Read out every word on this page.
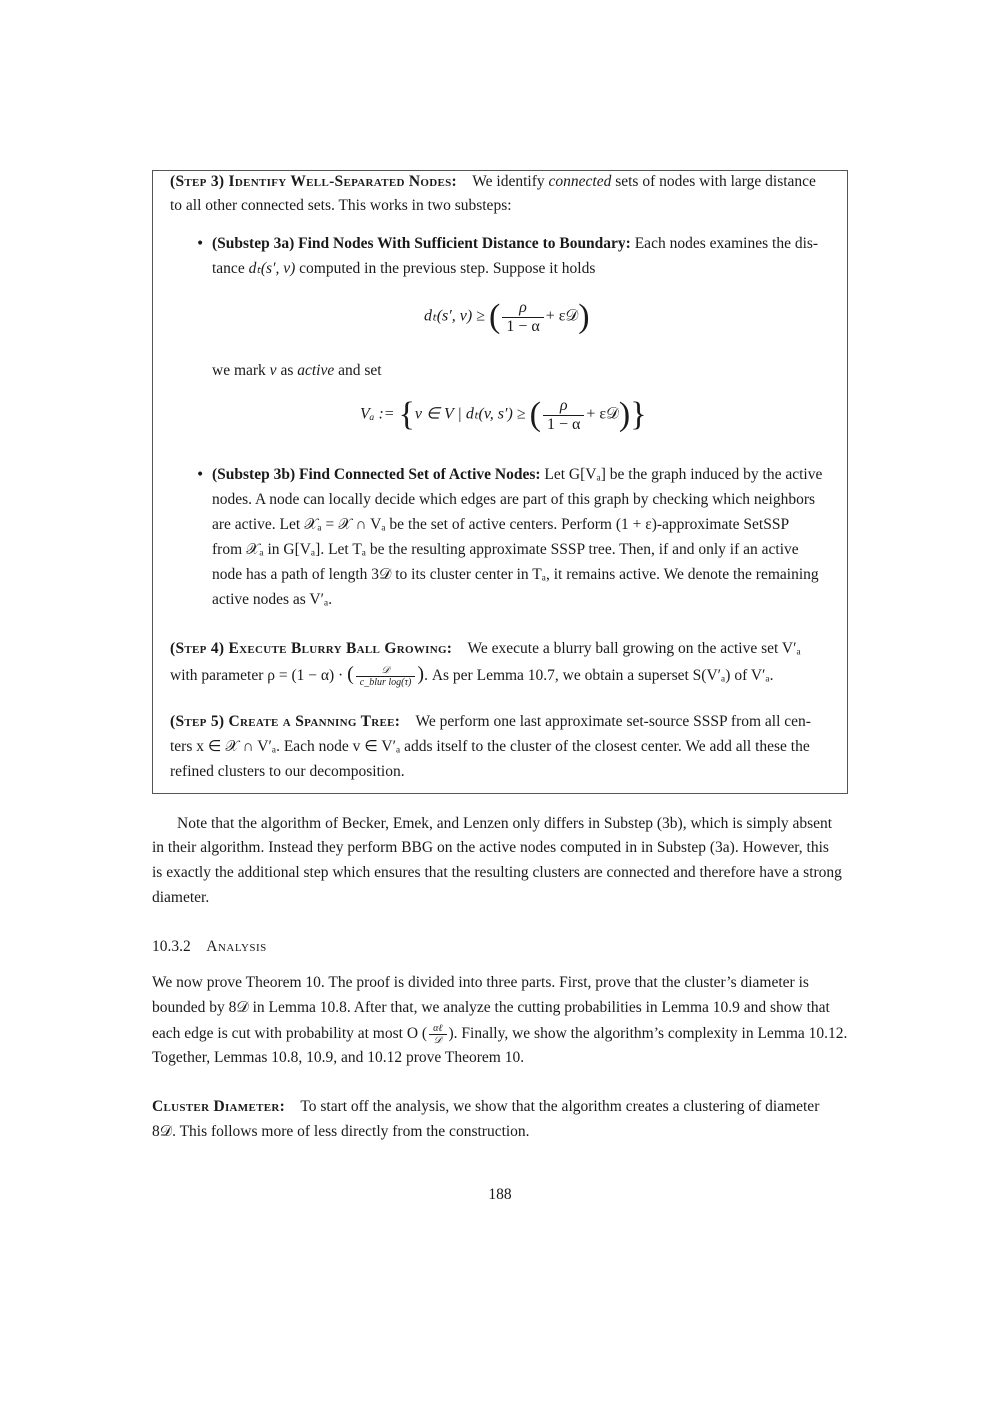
(Step 3) Identify Well-Separated Nodes: We identify connected sets of nodes with large distance
to all other connected sets. This works in two substeps:
• (Substep 3a) Find Nodes With Sufficient Distance to Boundary: Each nodes examines the dis-
tance dₜ(s′, v) computed in the previous step. Suppose it holds
dₜ(s′, v) ≥ ( $\frac{\rho}{1 - \alpha}$ + ε𝒟)
we mark v as active and set
Vₐ := {v ∈ V | dₜ(v, s′) ≥ ( $\frac{\rho}{1 - \alpha}$ + ε𝒟)}
• (Substep 3b) Find Connected Set of Active Nodes: Let G[Vₐ] be the graph induced by the active
nodes. A node can locally decide which edges are part of this graph by checking which neighbors
are active. Let 𝒳ₐ = 𝒳 ∩ Vₐ be the set of active centers. Perform (1 + ε)-approximate SetSSP
from 𝒳ₐ in G[Vₐ]. Let Tₐ be the resulting approximate SSSP tree. Then, if and only if an active
node has a path of length 3𝒟 to its cluster center in Tₐ, it remains active. We denote the remaining
active nodes as V′ₐ.
(Step 4) Execute Blurry Ball Growing: We execute a blurry ball growing on the active set V′ₐ
with parameter ρ = (1 − α) · ( $\frac{\text{𝒟}}{\text{c\_blur log(τ)}}$ ). As per Lemma 10.7, we obtain a superset S(V′ₐ) of V′ₐ.
(Step 5) Create a Spanning Tree: We perform one last approximate set-source SSSP from all cen-
ters x ∈ 𝒳 ∩ V′ₐ. Each node v ∈ V′ₐ adds itself to the cluster of the closest center. We add all these the
refined clusters to our decomposition.
Note that the algorithm of Becker, Emek, and Lenzen only differs in Substep (3b), which is simply absent
in their algorithm. Instead they perform BBG on the active nodes computed in in Substep (3a). However, this
is exactly the additional step which ensures that the resulting clusters are connected and therefore have a strong
diameter.
10.3.2 Analysis
We now prove Theorem 10. The proof is divided into three parts. First, prove that the cluster’s diameter is
bounded by 8𝒟 in Lemma 10.8. After that, we analyze the cutting probabilities in Lemma 10.9 and show that
each edge is cut with probability at most O ( $\frac{\text{αℓ}}{\text{𝒟}}$ ). Finally, we show the algorithm’s complexity in Lemma 10.12.
Together, Lemmas 10.8, 10.9, and 10.12 prove Theorem 10.
Cluster Diameter: To start off the analysis, we show that the algorithm creates a clustering of diameter
8𝒟. This follows more of less directly from the construction.
188
